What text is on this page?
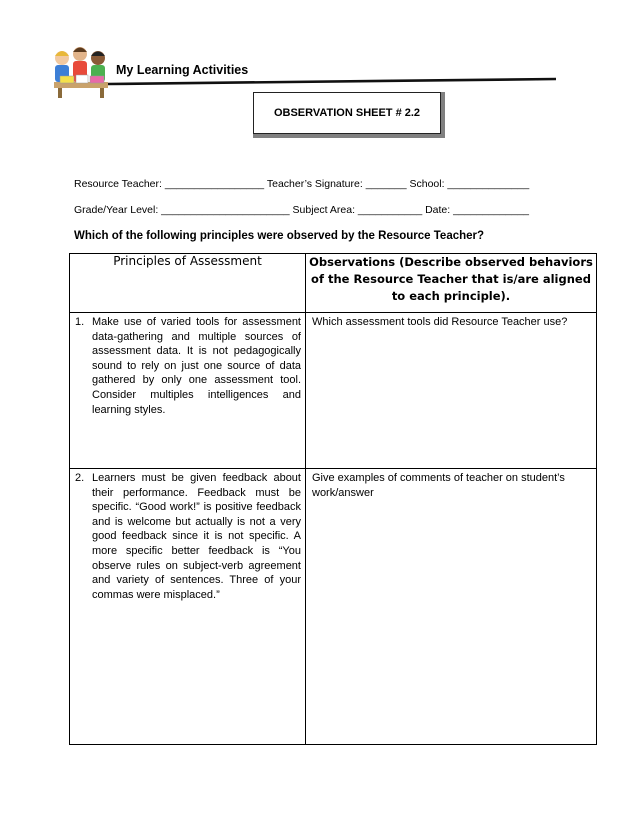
My Learning Activities
OBSERVATION SHEET # 2.2
Resource Teacher: _________________ Teacher’s Signature: _______ School: ______________
Grade/Year Level: ______________________ Subject Area: ___________ Date: _____________
Which of the following principles were observed by the Resource Teacher?
Principles of Assessment	Observations (Describe observed behaviors of the Resource Teacher that is/are aligned to each principle).

1. Make use of varied tools for assessment data-gathering and multiple sources of assessment data. It is not pedagogically sound to rely on just one source of data gathered by only one assessment tool. Consider multiples intelligences and learning styles.	Which assessment tools did Resource Teacher use?

2. Learners must be given feedback about their performance. Feedback must be specific. “Good work!” is positive feedback and is welcome but actually is not a very good feedback since it is not specific. A more specific better feedback is “You observe rules on subject-verb agreement and variety of sentences. Three of your commas were misplaced.”	Give examples of comments of teacher on student’s work/answer
